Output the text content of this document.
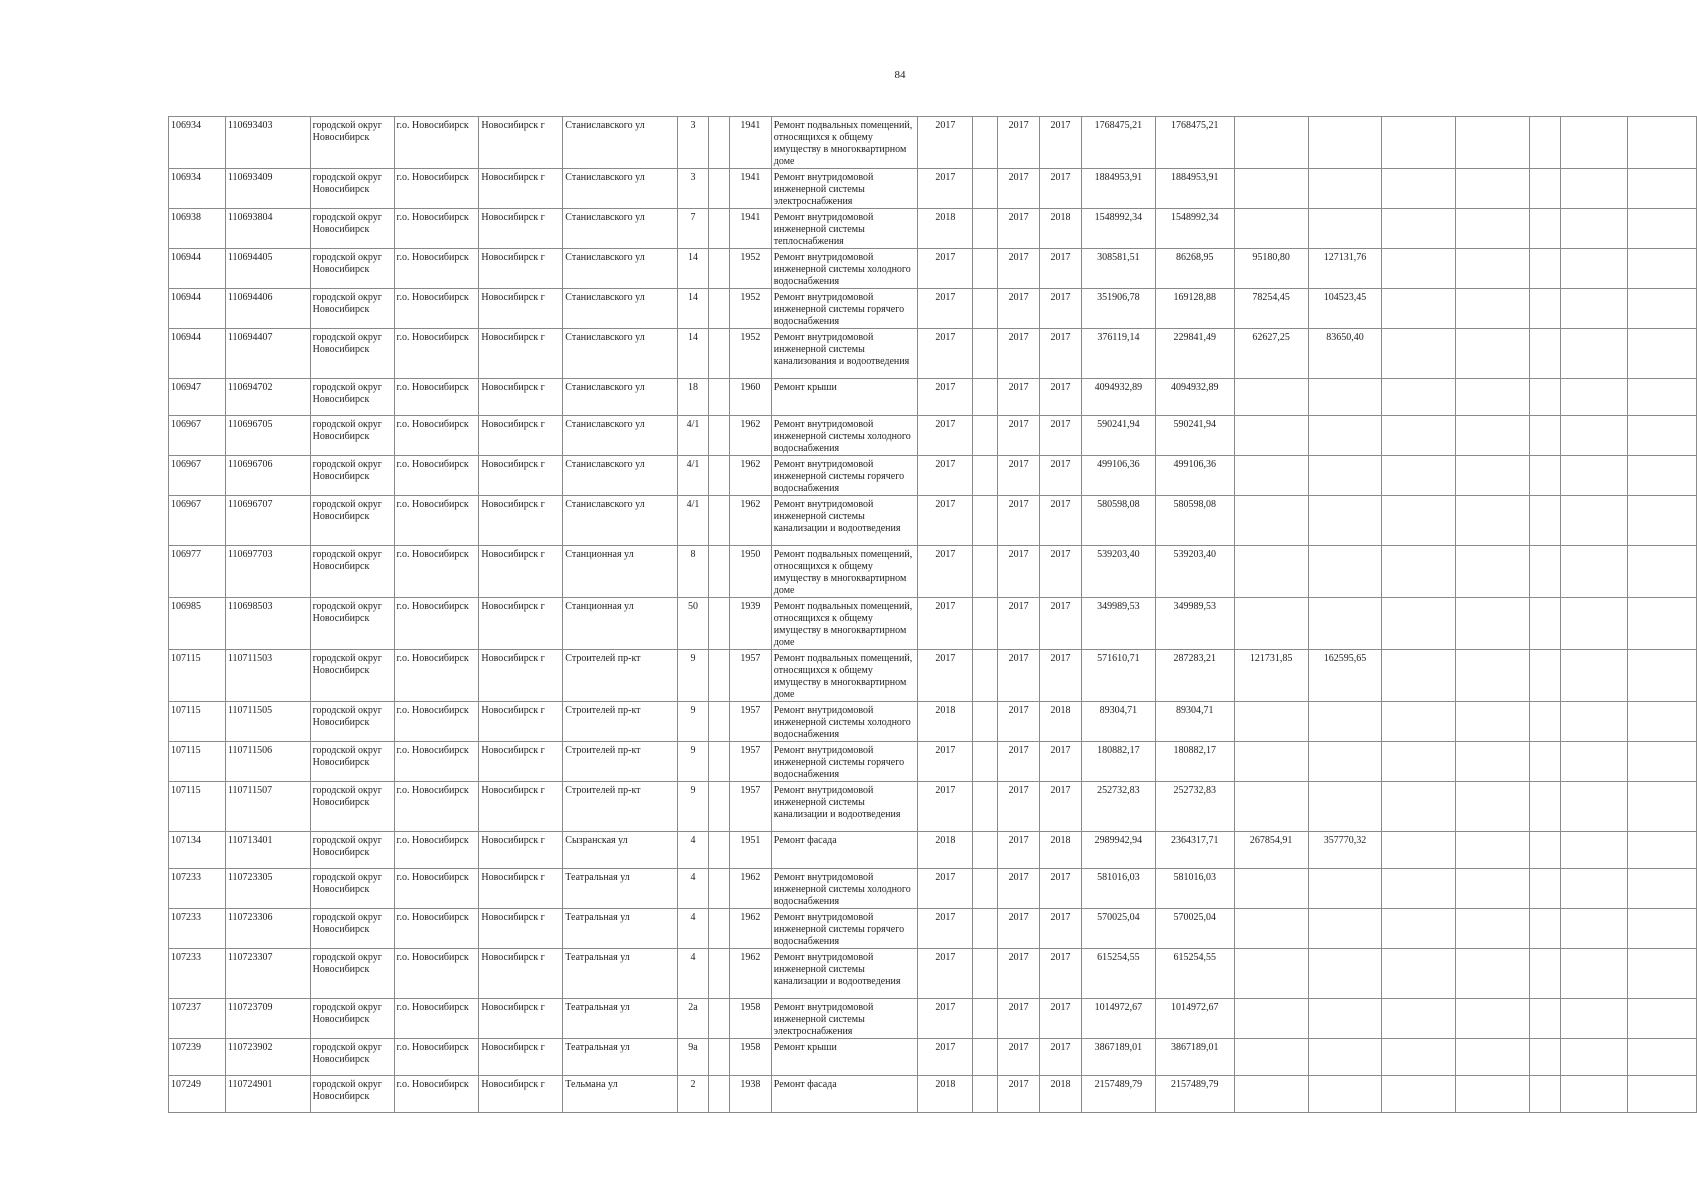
84
106934	110693403	городской округ Новосибирск	г.о. Новосибирск	Новосибирск г	Станиславского ул	3		1941	Ремонт подвальных помещений, относящихся к общему имуществу в многоквартирном доме	2017		2017	2017	1768475,21	1768475,21							
106934	110693409	городской округ Новосибирск	г.о. Новосибирск	Новосибирск г	Станиславского ул	3		1941	Ремонт внутридомовой инженерной системы электроснабжения	2017		2017	2017	1884953,91	1884953,91							
106938	110693804	городской округ Новосибирск	г.о. Новосибирск	Новосибирск г	Станиславского ул	7		1941	Ремонт внутридомовой инженерной системы теплоснабжения	2018		2017	2018	1548992,34	1548992,34							
106944	110694405	городской округ Новосибирск	г.о. Новосибирск	Новосибирск г	Станиславского ул	14		1952	Ремонт внутридомовой инженерной системы холодного водоснабжения	2017		2017	2017	308581,51	86268,95	95180,80	127131,76					
106944	110694406	городской округ Новосибирск	г.о. Новосибирск	Новосибирск г	Станиславского ул	14		1952	Ремонт внутридомовой инженерной системы горячего водоснабжения	2017		2017	2017	351906,78	169128,88	78254,45	104523,45					
106944	110694407	городской округ Новосибирск	г.о. Новосибирск	Новосибирск г	Станиславского ул	14		1952	Ремонт внутридомовой инженерной системы канализования и водоотведения	2017		2017	2017	376119,14	229841,49	62627,25	83650,40					
106947	110694702	городской округ Новосибирск	г.о. Новосибирск	Новосибирск г	Станиславского ул	18		1960	Ремонт крыши	2017		2017	2017	4094932,89	4094932,89							
106967	110696705	городской округ Новосибирск	г.о. Новосибирск	Новосибирск г	Станиславского ул	4/1		1962	Ремонт внутридомовой инженерной системы холодного водоснабжения	2017		2017	2017	590241,94	590241,94							
106967	110696706	городской округ Новосибирск	г.о. Новосибирск	Новосибирск г	Станиславского ул	4/1		1962	Ремонт внутридомовой инженерной системы горячего водоснабжения	2017		2017	2017	499106,36	499106,36							
106967	110696707	городской округ Новосибирск	г.о. Новосибирск	Новосибирск г	Станиславского ул	4/1		1962	Ремонт внутридомовой инженерной системы канализации и водоотведения	2017		2017	2017	580598,08	580598,08							
106977	110697703	городской округ Новосибирск	г.о. Новосибирск	Новосибирск г	Станционная ул	8		1950	Ремонт подвальных помещений, относящихся к общему имуществу в многоквартирном доме	2017		2017	2017	539203,40	539203,40							
106985	110698503	городской округ Новосибирск	г.о. Новосибирск	Новосибирск г	Станционная ул	50		1939	Ремонт подвальных помещений, относящихся к общему имуществу в многоквартирном доме	2017		2017	2017	349989,53	349989,53							
107115	110711503	городской округ Новосибирск	г.о. Новосибирск	Новосибирск г	Строителей пр-кт	9		1957	Ремонт подвальных помещений, относящихся к общему имуществу в многоквартирном доме	2017		2017	2017	571610,71	287283,21	121731,85	162595,65					
107115	110711505	городской округ Новосибирск	г.о. Новосибирск	Новосибирск г	Строителей пр-кт	9		1957	Ремонт внутридомовой инженерной системы холодного водоснабжения	2018		2017	2018	89304,71	89304,71							
107115	110711506	городской округ Новосибирск	г.о. Новосибирск	Новосибирск г	Строителей пр-кт	9		1957	Ремонт внутридомовой инженерной системы горячего водоснабжения	2017		2017	2017	180882,17	180882,17							
107115	110711507	городской округ Новосибирск	г.о. Новосибирск	Новосибирск г	Строителей пр-кт	9		1957	Ремонт внутридомовой инженерной системы канализации и водоотведения	2017		2017	2017	252732,83	252732,83							
107134	110713401	городской округ Новосибирск	г.о. Новосибирск	Новосибирск г	Сызранская ул	4		1951	Ремонт фасада	2018		2017	2018	2989942,94	2364317,71	267854,91	357770,32					
107233	110723305	городской округ Новосибирск	г.о. Новосибирск	Новосибирск г	Театральная ул	4		1962	Ремонт внутридомовой инженерной системы холодного водоснабжения	2017		2017	2017	581016,03	581016,03							
107233	110723306	городской округ Новосибирск	г.о. Новосибирск	Новосибирск г	Театральная ул	4		1962	Ремонт внутридомовой инженерной системы горячего водоснабжения	2017		2017	2017	570025,04	570025,04							
107233	110723307	городской округ Новосибирск	г.о. Новосибирск	Новосибирск г	Театральная ул	4		1962	Ремонт внутридомовой инженерной системы канализации и водоотведения	2017		2017	2017	615254,55	615254,55							
107237	110723709	городской округ Новосибирск	г.о. Новосибирск	Новосибирск г	Театральная ул	2а		1958	Ремонт внутридомовой инженерной системы электроснабжения	2017		2017	2017	1014972,67	1014972,67							
107239	110723902	городской округ Новосибирск	г.о. Новосибирск	Новосибирск г	Театральная ул	9а		1958	Ремонт крыши	2017		2017	2017	3867189,01	3867189,01							
107249	110724901	городской округ Новосибирск	г.о. Новосибирск	Новосибирск г	Тельмана ул	2		1938	Ремонт фасада	2018		2017	2018	2157489,79	2157489,79							
